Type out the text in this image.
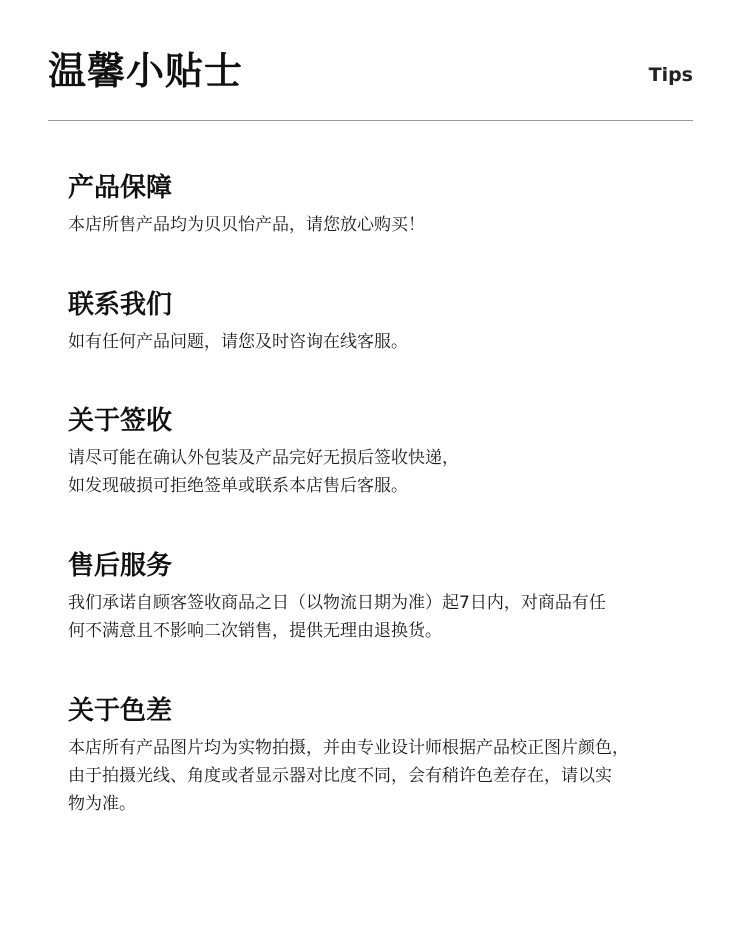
温馨小贴士	Tips
产品保障

本店所售产品均为贝贝怡产品，请您放心购买！

联系我们

如有任何产品问题，请您及时咨询在线客服。

关于签收

请尽可能在确认外包装及产品完好无损后签收快递，
如发现破损可拒绝签单或联系本店售后客服。

售后服务

我们承诺自顾客签收商品之日（以物流日期为准）起7日内，对商品有任
何不满意且不影响二次销售，提供无理由退换货。

关于色差

本店所有产品图片均为实物拍摄，并由专业设计师根据产品校正图片颜色，
由于拍摄光线、角度或者显示器对比度不同，会有稍许色差存在，请以实
物为准。
